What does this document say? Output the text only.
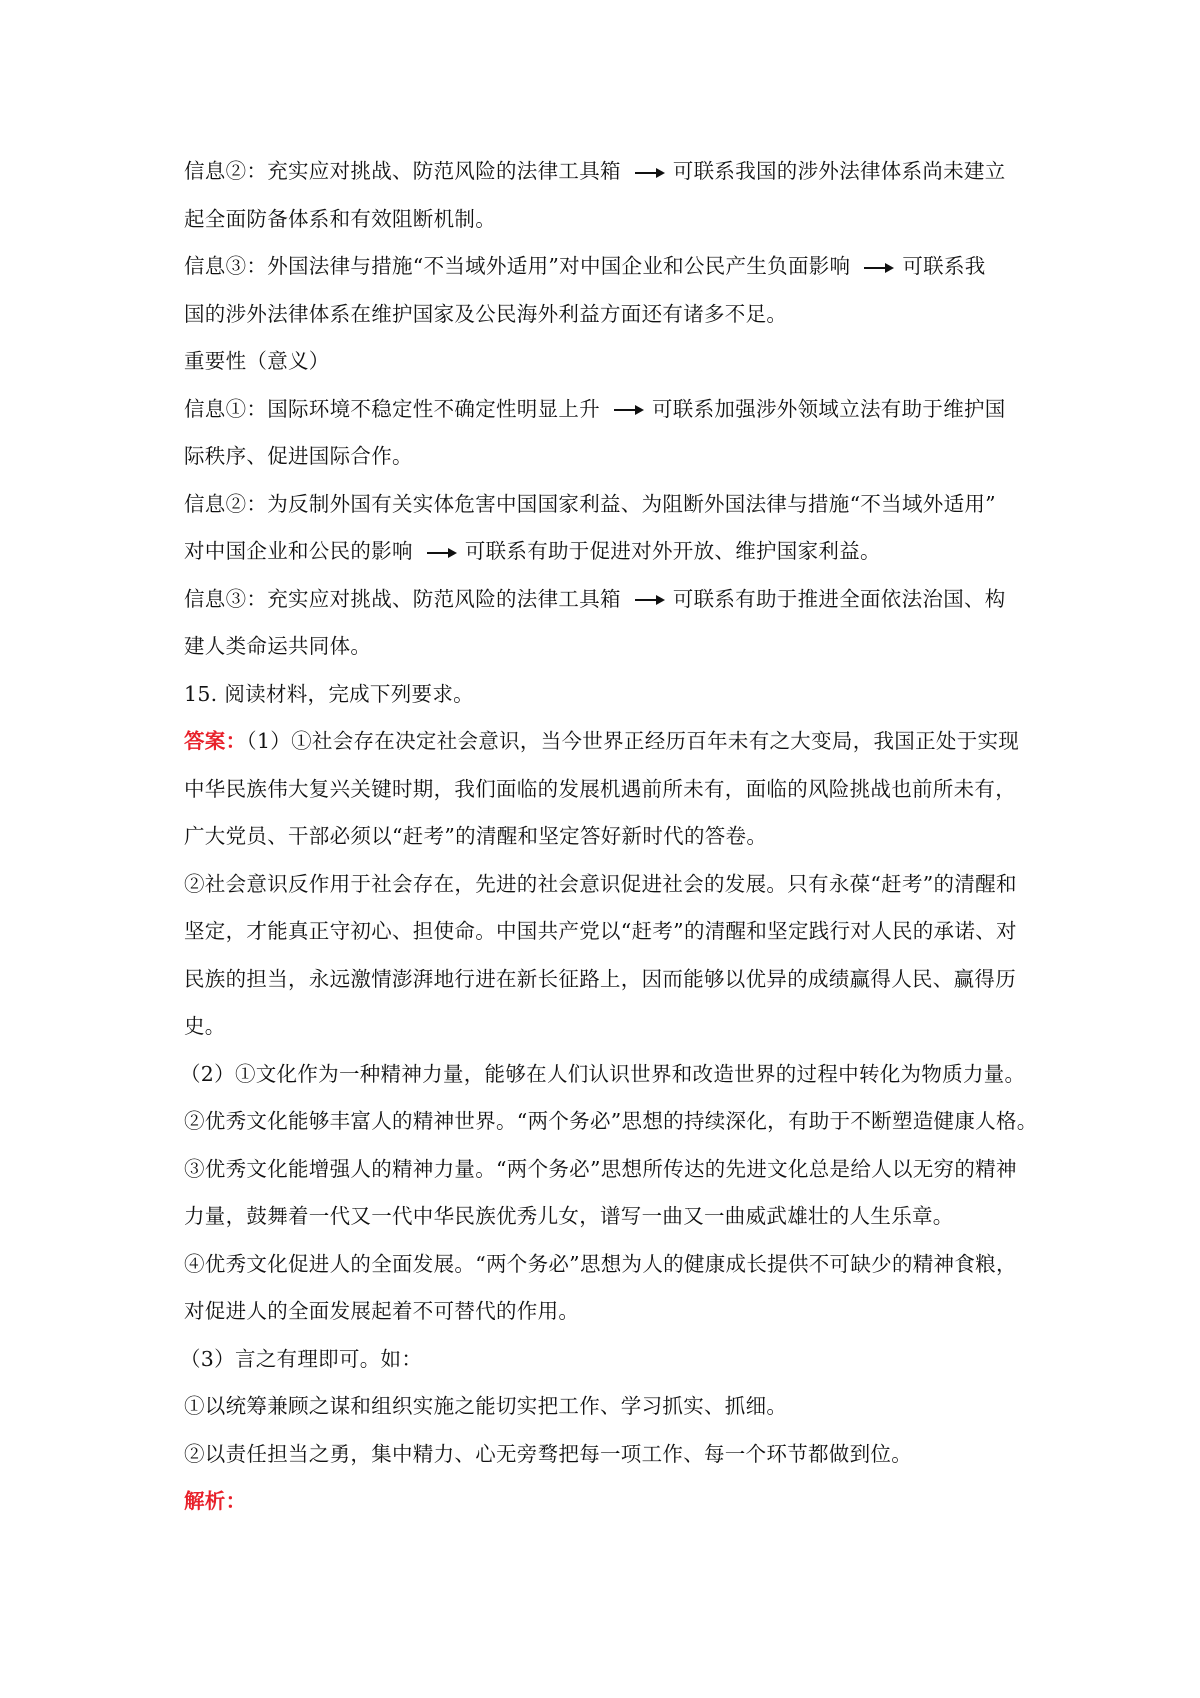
信息②：充实应对挑战、防范风险的法律工具箱	可联系我国的涉外法律体系尚未建立
起全面防备体系和有效阻断机制。
信息③：外国法律与措施“不当域外适用”对中国企业和公民产生负面影响	可联系我
国的涉外法律体系在维护国家及公民海外利益方面还有诸多不足。
重要性（意义）
信息①：国际环境不稳定性不确定性明显上升	可联系加强涉外领域立法有助于维护国
际秩序、促进国际合作。
信息②：为反制外国有关实体危害中国国家利益、为阻断外国法律与措施“不当域外适用”
对中国企业和公民的影响	可联系有助于促进对外开放、维护国家利益。
信息③：充实应对挑战、防范风险的法律工具箱	可联系有助于推进全面依法治国、构
建人类命运共同体。
15. 阅读材料，完成下列要求。
答案：（1）①社会存在决定社会意识，当今世界正经历百年未有之大变局，我国正处于实现
中华民族伟大复兴关键时期，我们面临的发展机遇前所未有，面临的风险挑战也前所未有，
广大党员、干部必须以“赶考”的清醒和坚定答好新时代的答卷。
②社会意识反作用于社会存在，先进的社会意识促进社会的发展。只有永葆“赶考”的清醒和
坚定，才能真正守初心、担使命。中国共产党以“赶考”的清醒和坚定践行对人民的承诺、对
民族的担当，永远激情澎湃地行进在新长征路上，因而能够以优异的成绩赢得人民、赢得历
史。
（2）①文化作为一种精神力量，能够在人们认识世界和改造世界的过程中转化为物质力量。
②优秀文化能够丰富人的精神世界。“两个务必”思想的持续深化，有助于不断塑造健康人格。
③优秀文化能增强人的精神力量。“两个务必”思想所传达的先进文化总是给人以无穷的精神
力量，鼓舞着一代又一代中华民族优秀儿女，谱写一曲又一曲威武雄壮的人生乐章。
④优秀文化促进人的全面发展。“两个务必”思想为人的健康成长提供不可缺少的精神食粮，
对促进人的全面发展起着不可替代的作用。
（3）言之有理即可。如：
①以统筹兼顾之谋和组织实施之能切实把工作、学习抓实、抓细。
②以责任担当之勇，集中精力、心无旁骛把每一项工作、每一个环节都做到位。
解析：
